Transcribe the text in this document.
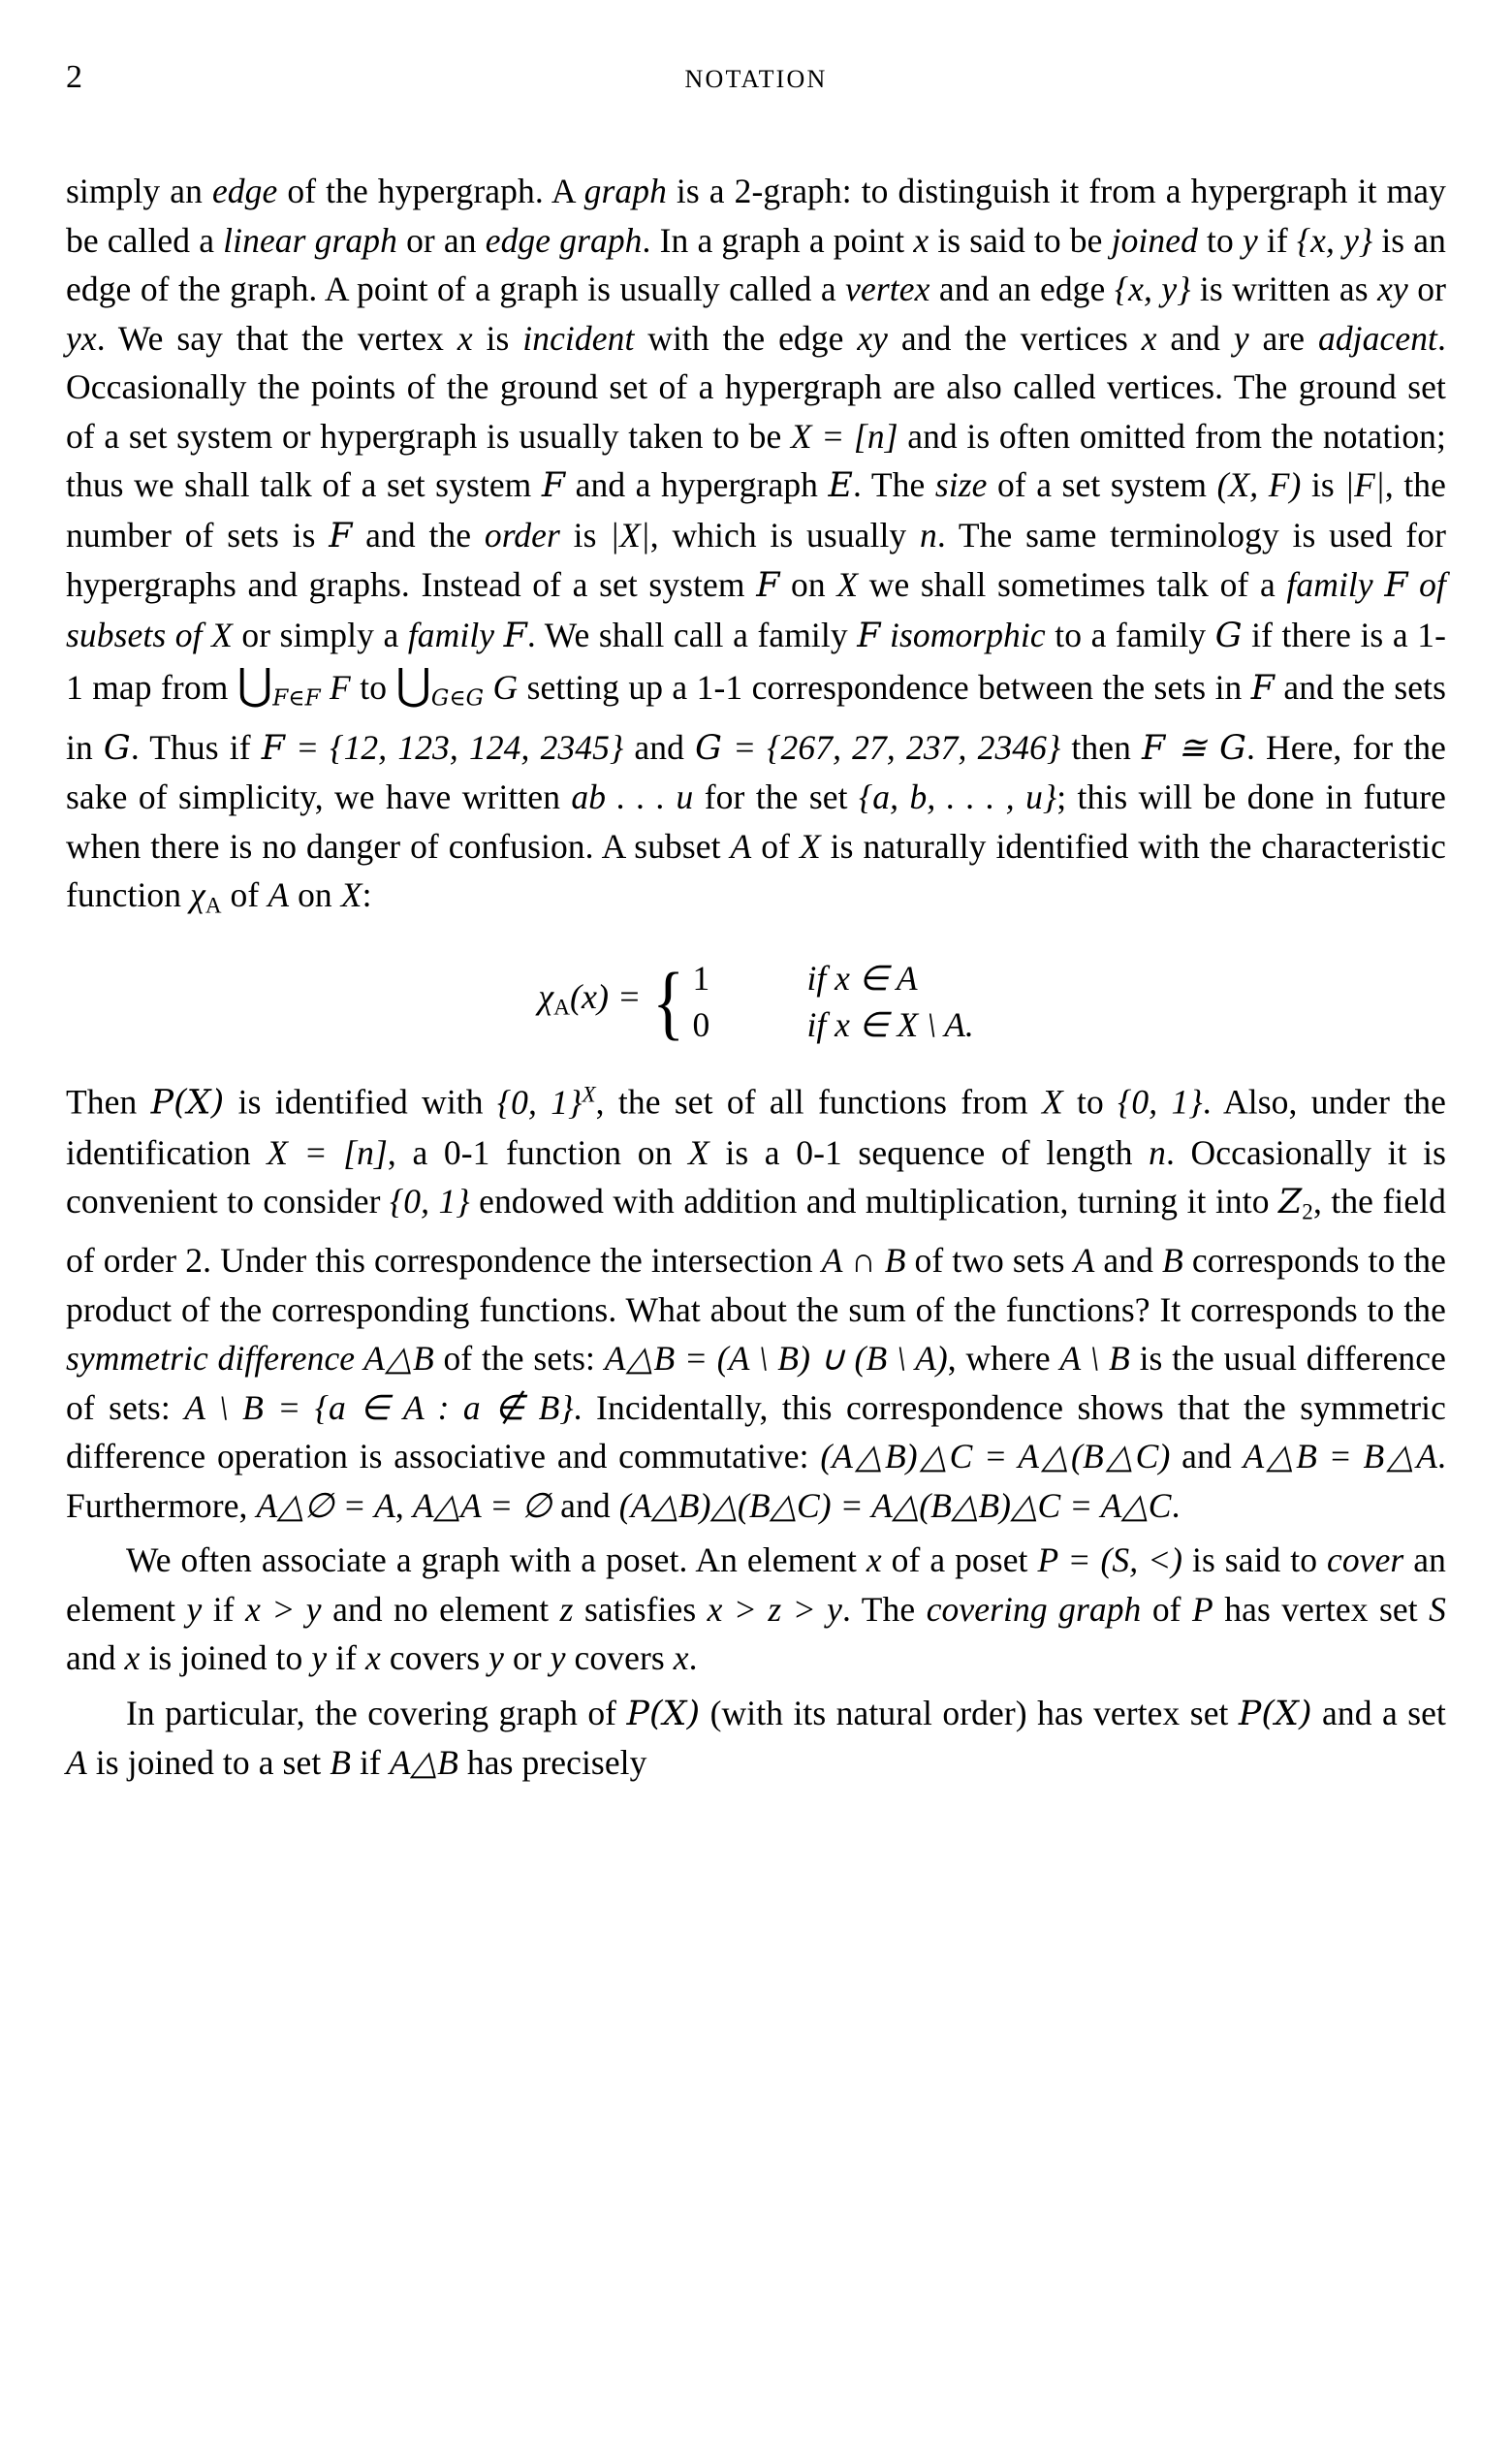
2	NOTATION

simply an edge of the hypergraph. A graph is a 2-graph: to distinguish it from a hypergraph it may be called a linear graph or an edge graph. In a graph a point x is said to be joined to y if {x, y} is an edge of the graph. A point of a graph is usually called a vertex and an edge {x, y} is written as xy or yx. We say that the vertex x is incident with the edge xy and the vertices x and y are adjacent. Occasionally the points of the ground set of a hypergraph are also called vertices. The ground set of a set system or hypergraph is usually taken to be X = [n] and is often omitted from the notation; thus we shall talk of a set system F and a hypergraph E. The size of a set system (X, F) is |F|, the number of sets is F and the order is |X|, which is usually n. The same terminology is used for hypergraphs and graphs. Instead of a set system F on X we shall sometimes talk of a family F of subsets of X or simply a family F. We shall call a family F isomorphic to a family G if there is a 1-1 map from $⋃_{F\in F}$ F to $⋃_{G\in G}$ G setting up a 1-1 correspondence between the sets in F and the sets in G. Thus if F = {12, 123, 124, 2345} and G = {267, 27, 237, 2346} then F ≅ G. Here, for the sake of simplicity, we have written ab . . . u for the set {a, b, . . . , u}; this will be done in future when there is no danger of confusion. A subset A of X is naturally identified with the characteristic function $\chi_A$ of A on X:

$\chi_A(x)$ = { 1	if x ∈ A
0	if x ∈ X \ A.

Then P(X) is identified with {0, 1}$^X$, the set of all functions from X to {0, 1}. Also, under the identification X = [n], a 0-1 function on X is a 0-1 sequence of length n. Occasionally it is convenient to consider {0, 1} endowed with addition and multiplication, turning it into $Z_2$, the field of order 2. Under this correspondence the intersection A ∩ B of two sets A and B corresponds to the product of the corresponding functions. What about the sum of the functions? It corresponds to the symmetric difference A△B of the sets: A△B = (A \ B) ∪ (B \ A), where A \ B is the usual difference of sets: A \ B = {a ∈ A : a ∉ B}. Incidentally, this correspondence shows that the symmetric difference operation is associative and commutative: (A△B)△C = A△(B△C) and A△B = B△A. Furthermore, A△∅ = A, A△A = ∅ and (A△B)△(B△C) = A△(B△B)△C = A△C.

We often associate a graph with a poset. An element x of a poset P = (S, <) is said to cover an element y if x > y and no element z satisfies x > z > y. The covering graph of P has vertex set S and x is joined to y if x covers y or y covers x.

In particular, the covering graph of P(X) (with its natural order) has vertex set P(X) and a set A is joined to a set B if A△B has precisely
